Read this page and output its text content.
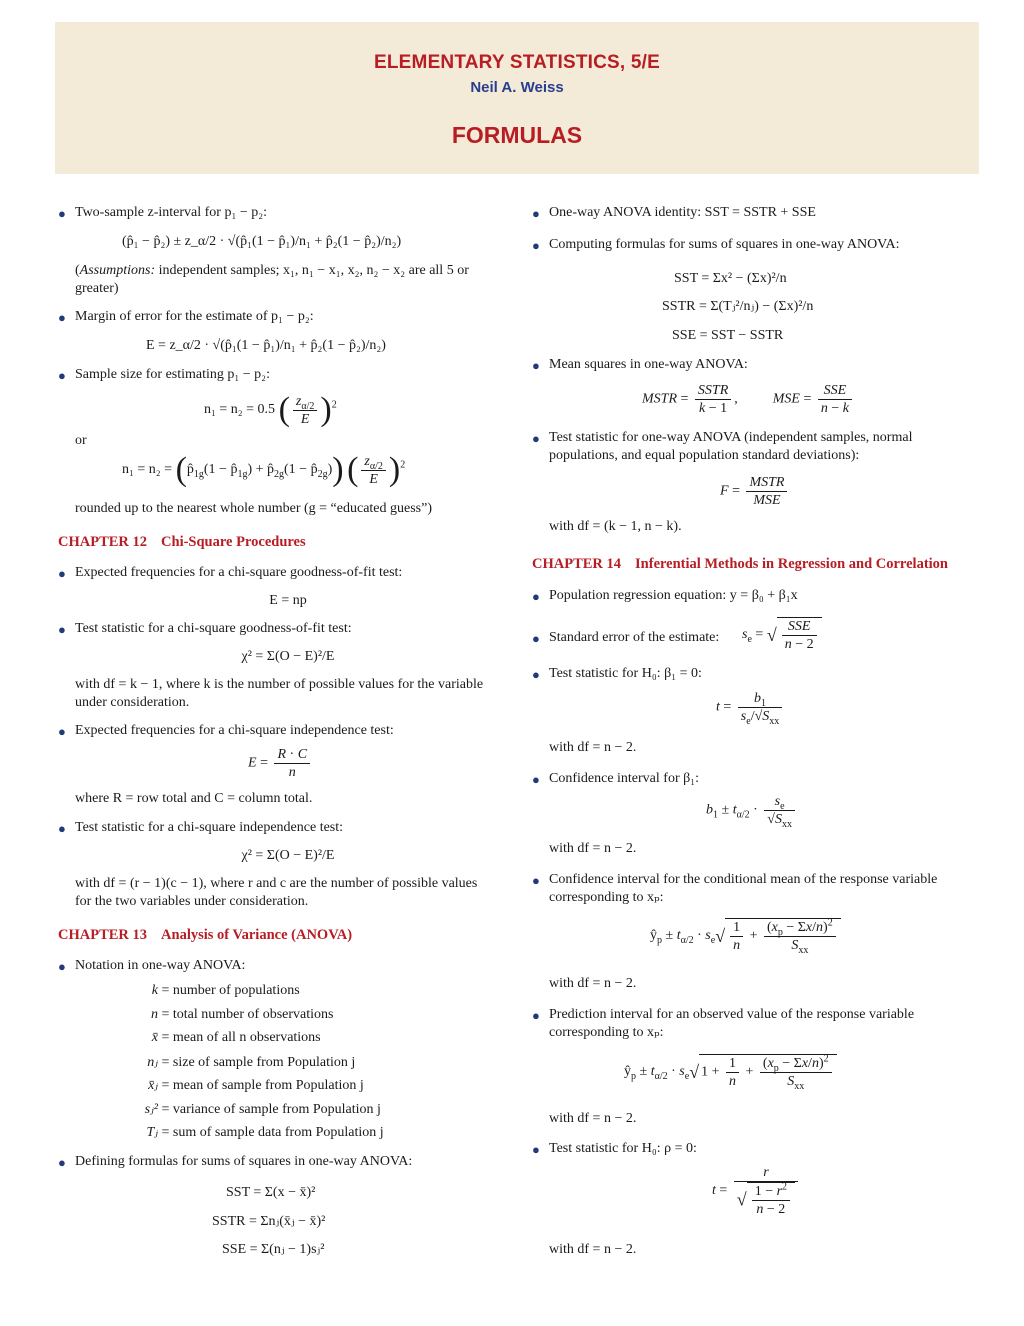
ELEMENTARY STATISTICS, 5/E
Neil A. Weiss
FORMULAS
● Two-sample z-interval for p₁ − p₂:
(p̂₁ − p̂₂) ± z_α/2 · √(p̂₁(1 − p̂₁)/n₁ + p̂₂(1 − p̂₂)/n₂)
(Assumptions: independent samples; x₁, n₁ − x₁, x₂, n₂ − x₂ are all 5 or greater)
● Margin of error for the estimate of p₁ − p₂:
E = z_α/2 · √(p̂₁(1 − p̂₁)/n₁ + p̂₂(1 − p̂₂)/n₂)
● Sample size for estimating p₁ − p₂:
n₁ = n₂ = 0.5 ( $\frac{z_{\alpha/2}}{E} )^2$
or
$n_1 = n_2 = (p̂_{1g}(1$ − $p̂_{1g}$) + $p̂_{2g}(1$ − $p̂_{2g}$)) ( $\frac{z_{\alpha/2}}{E} )^2$
rounded up to the nearest whole number (g = “educated guess”)
CHAPTER 12 Chi-Square Procedures
● Expected frequencies for a chi-square goodness-of-fit test:
E = np
● Test statistic for a chi-square goodness-of-fit test:
χ² = Σ(O − E)²/E
with df = k − 1, where k is the number of possible values for the variable under consideration.
● Expected frequencies for a chi-square independence test:
$E = \frac{R \cdot C}{n}$
where R = row total and C = column total.
● Test statistic for a chi-square independence test:
χ² = Σ(O − E)²/E
with df = (r − 1)(c − 1), where r and c are the number of possible values for the two variables under consideration.
CHAPTER 13 Analysis of Variance (ANOVA)
● Notation in one-way ANOVA:
k = number of populations
n = total number of observations
x̄ = mean of all n observations
nⱼ = size of sample from Population j
x̄ⱼ = mean of sample from Population j
sⱼ² = variance of sample from Population j
Tⱼ = sum of sample data from Population j
● Defining formulas for sums of squares in one-way ANOVA:
SST = Σ(x − x̄)²
SSTR = Σnⱼ(x̄ⱼ − x̄)²
SSE = Σ(nⱼ − 1)sⱼ²
● One-way ANOVA identity: SST = SSTR + SSE
● Computing formulas for sums of squares in one-way ANOVA:
SST = Σx² − (Σx)²/n
SSTR = Σ(Tⱼ²/nⱼ) − (Σx)²/n
SSE = SST − SSTR
● Mean squares in one-way ANOVA:
MSTR = $\frac{\text{SSTR}}{k - 1}$ ,  MSE = $\frac{\text{SSE}}{n - k}$
● Test statistic for one-way ANOVA (independent samples, normal populations, and equal population standard deviations):
$F = \frac{\text{MSTR}}{\text{MSE}}$
with df = (k − 1, n − k).
CHAPTER 14 Inferential Methods in Regression and Correlation
● Population regression equation: y = β₀ + β₁x
● Standard error of the estimate:	$s_e$ = √ $\frac{\text{SSE}}{n - 2}$
● Test statistic for H₀: β₁ = 0:
$t = \frac{b_1}{s_e/√S_{xx}}$
with df = n − 2.
● Confidence interval for β₁:
$b_1 \pm t_{\alpha/2} \cdot \frac{s_e}{√S_{xx}}$
with df = n − 2.
● Confidence interval for the conditional mean of the response variable corresponding to xₚ:
$ŷ_p \pm t_{\alpha/2} \cdot s_e√ \frac{1}{n} + \frac{(x_p - \Sigma x/n)^2}{S_{xx}}$
with df = n − 2.
● Prediction interval for an observed value of the response variable corresponding to xₚ:
$ŷ_p \pm t_{\alpha/2} \cdot s_e√$ $1 + \frac{1}{n} + \frac{(x_p - \Sigma x/n)^2}{S_{xx}}$
with df = n − 2.
● Test statistic for H₀: ρ = 0:
$t = \frac{r}{√ \frac{1 - r^2}{n - 2}}$
with df = n − 2.
